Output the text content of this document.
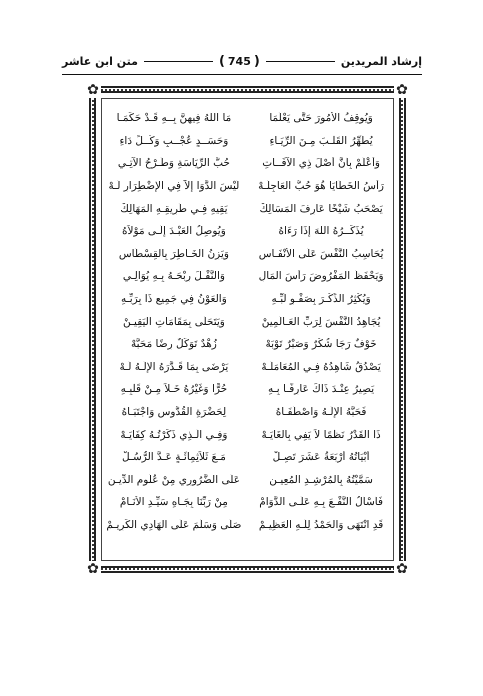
إرشاد المريدين
(
745
)
متن ابن عاشر
✿	✿
✿	✿
وَيُوقِفُ الأُمُورَ حَتَّى يَعْلَمَا
مَا اللهُ فِيهِنَّ بِــهِ قَـدْ حَكَمَـا
يُطَهِّرُ القَلْـبَ مِـنَ الرِّيَـاءِ
وَحَسَــدٍ عُجْــبٍ وَكُــلِّ دَاءِ
وَأَعْلَمْ بِأَنَّ أَصْلَ ذِي الآفَــاتِ
حُبُّ الرِّيَاسَةِ وَطَـرْحُ الآتِـي
رَأْسُ الخَطَايَا هُوَ حُبُّ العَاجِلَـهْ
لَيْسَ الدَّوَا إِلاَّ فِي الإِضْطِرَارِ لَـهْ
يَصْحَبُ شَيْخًا عَارِفَ المَسَالِكْ
يَقِيهِ فِـي طَرِيقِـهِ المَهَالِكْ
يُذَكِّــرُهُ اللهَ إِذَا رَءَاهُ
وَيُوصِلُ العَبْـدَ إِلَـى مَوْلاَهُ
يُحَاسِبُ النَّفْسَ عَلَى الأَنْفَـاسِ
وَيَزِنُ الخَـاطِرَ بِالقِسْطَاسِ
وَيَحْفَظُ المَفْرُوضَ رَأْسَ المَالِ
وَالنَّفْـلَ رِبْحَـهُ بِـهِ يُوَالِـي
وَيُكْثِرُ الذِّكْـرَ بِصَفْـوِ لُبِّـهِ
وَالعَوْنُ فِي جَمِيعِ ذَا بِرَبِّـهِ
يُجَاهِدُ النَّفْسَ لِرَبِّ العَـالَمِينْ
وَيَتَحَلَّى بِمَقَامَاتِ اليَقِيـنْ
خَوْفٌ رَجَا شُكْرٌ وَصَبْرٌ تَوْبَهْ
زُهْدٌ تَوَكُّلٌ رِضًا مَحَبَّهْ
يَصْدُقُ شَاهِدُهُ فِـي المُعَامَلَـهْ
يَرْضَى بِمَا قَـدَّرَهُ الإِلَـهُ لَـهْ
يَصِيرُ عِنْـدَ ذَاكَ عَارِفًـا بِـهِ
حُرًّا وَغَيْرُهُ خَـلاَ مِـنْ قَلْبِـهِ
فَحَبَّهُ الإِلَـهُ وَاصْطَفَـاهُ
لِحَضْرَةِ القُدُّوسِ وَاجْتَبَـاهُ
ذَا القَدْرُ نَظْمًا لاَ يَفِي بِالغَايَـهْ
وَفِـي الَّـذِي ذَكَرْتُـهُ كِفَايَـهْ
أَبْيَاتُهُ أَرْبَعَةُ عَشَرَ تَصِـلْ
مَـعَ ثَلاَثِمِائَـةٍ عَـدَّ الرُّسُـلْ
سَمَّيْتُهُ بِالمُرْشِـدِ المُعِيـنِ
عَلَى الضَّرُورِي مِنْ عُلُومِ الدِّيـنِ
فَأَسْأَلُ النَّفْـعَ بِـهِ عَلَـى الدَّوَامْ
مِنْ رَبِّنَا بِجَـاهِ سَيِّـدِ الأَنَـامْ
قَدِ انْتَهَى وَالحَمْدُ لِلَّـهِ العَظِيـمْ
صَلَّى وَسَلَّمَ عَلَى الهَادِي الكَرِيـمْ
